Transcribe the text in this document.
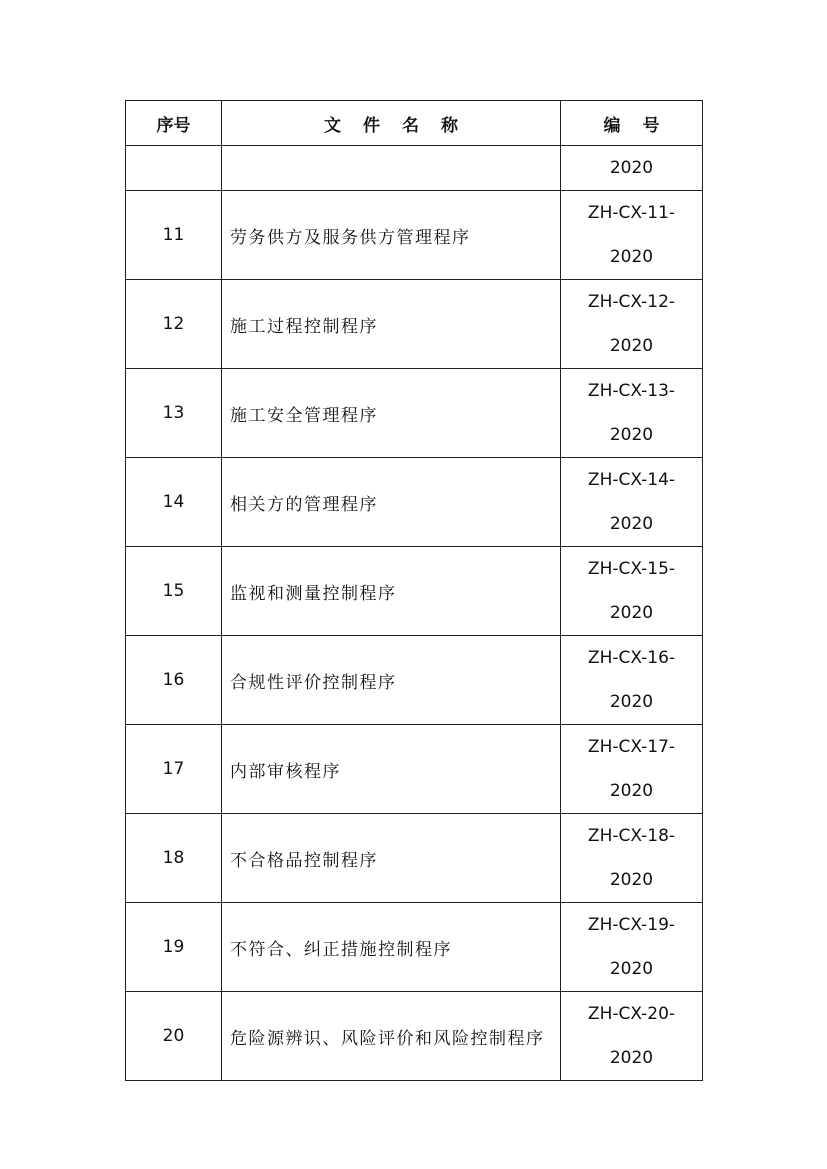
序号	文件名称	编号
		2020
11	劳务供方及服务供方管理程序	ZH-CX-11-
2020

12	施工过程控制程序	ZH-CX-12-
2020

13	施工安全管理程序	ZH-CX-13-
2020

14	相关方的管理程序	ZH-CX-14-
2020

15	监视和测量控制程序	ZH-CX-15-
2020

16	合规性评价控制程序	ZH-CX-16-
2020

17	内部审核程序	ZH-CX-17-
2020

18	不合格品控制程序	ZH-CX-18-
2020

19	不符合、纠正措施控制程序	ZH-CX-19-
2020

20	危险源辨识、风险评价和风险控制程序	ZH-CX-20-
2020
